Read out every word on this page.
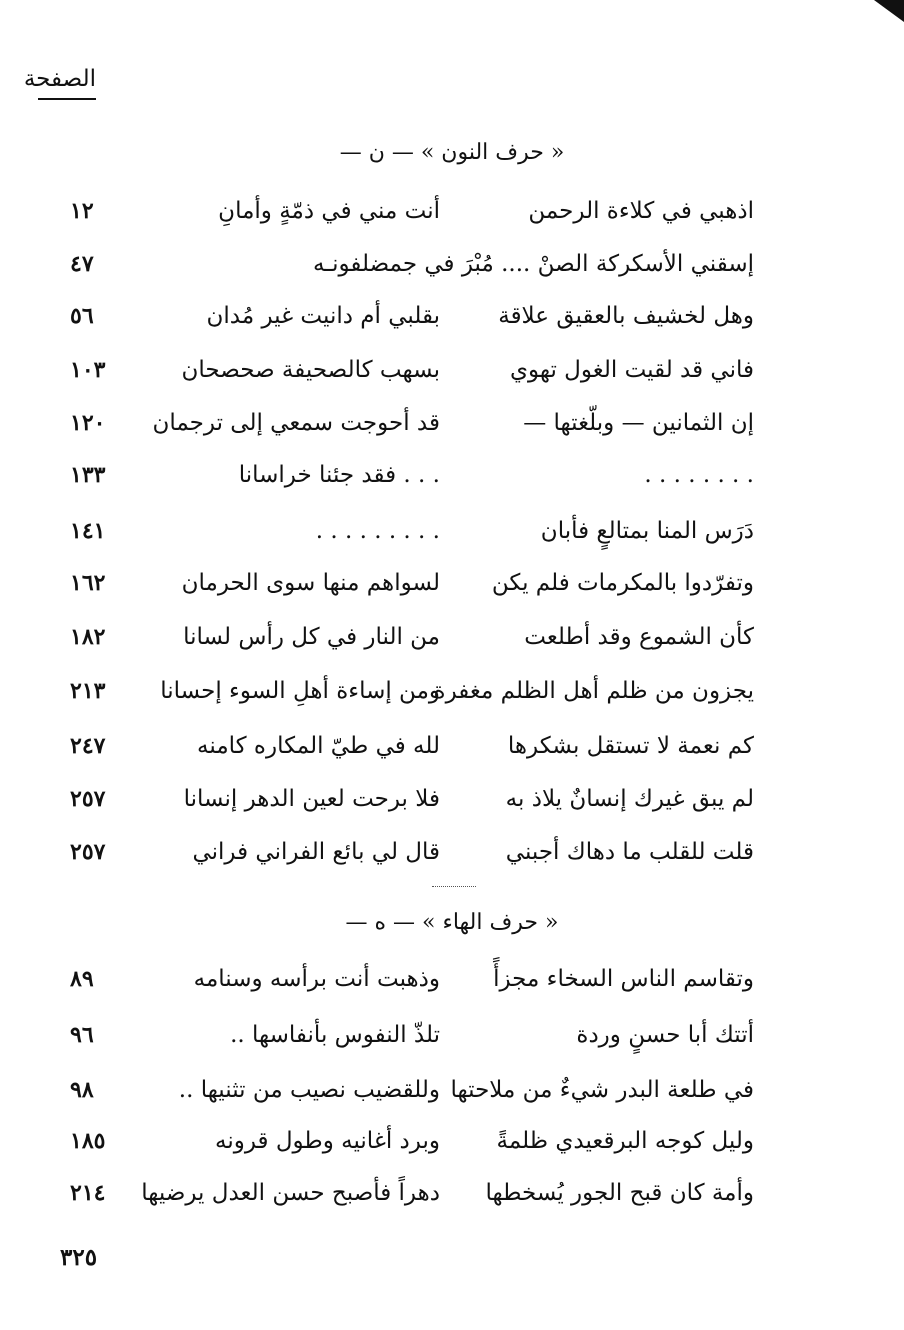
الصفحة
« حرف النون » — ن —
اذهبي في كلاءة الرحمن
أنت مني في ذمّةٍ وأمانِ
١٢
إسقني الأسكركة الصنْ .... مُبْرَ في جمضلفونـه
٤٧
وهل لخشيف بالعقيق علاقة
بقلبي أم دانيت غير مُدان
٥٦
فاني قد لقيت الغول تهوي
بسهب كالصحيفة صحصحان
١٠٣
إن الثمانين — وبلّغتها —
قد أحوجت سمعي إلى ترجمان
١٢٠
. . . . . . . .
. . . فقد جئنا خراسانا
١٣٣
دَرَس المنا بمتالعٍ فأبان
. . . . . . . . .
١٤١
وتفرّدوا بالمكرمات فلم يكن
لسواهم منها سوى الحرمان
١٦٢
كأن الشموع وقد أطلعت
من النار في كل رأس لسانا
١٨٢
يجزون من ظلم أهل الظلم مغفرة
ومن إساءة أهلِ السوء إحسانا
٢١٣
كم نعمة لا تستقل بشكرها
لله في طيّ المكاره كامنه
٢٤٧
لم يبق غيرك إنسانٌ يلاذ به
فلا برحت لعين الدهر إنسانا
٢٥٧
قلت للقلب ما دهاك أجبني
قال لي بائع الفراني فراني
٢٥٧
« حرف الهاء » — ه —
وتقاسم الناس السخاء مجزأً
وذهبت أنت برأسه وسنامه
٨٩
أتتك أبا حسنٍ وردة
تلذّ النفوس بأنفاسها ..
٩٦
في طلعة البدر شيءٌ من ملاحتها
وللقضيب نصيب من تثنيها ..
٩٨
وليل كوجه البرقعيدي ظلمةً
وبرد أغانيه وطول قرونه
١٨٥
وأمة كان قبح الجور يُسخطها
دهراً فأصبح حسن العدل يرضيها
٢١٤
٣٢٥
